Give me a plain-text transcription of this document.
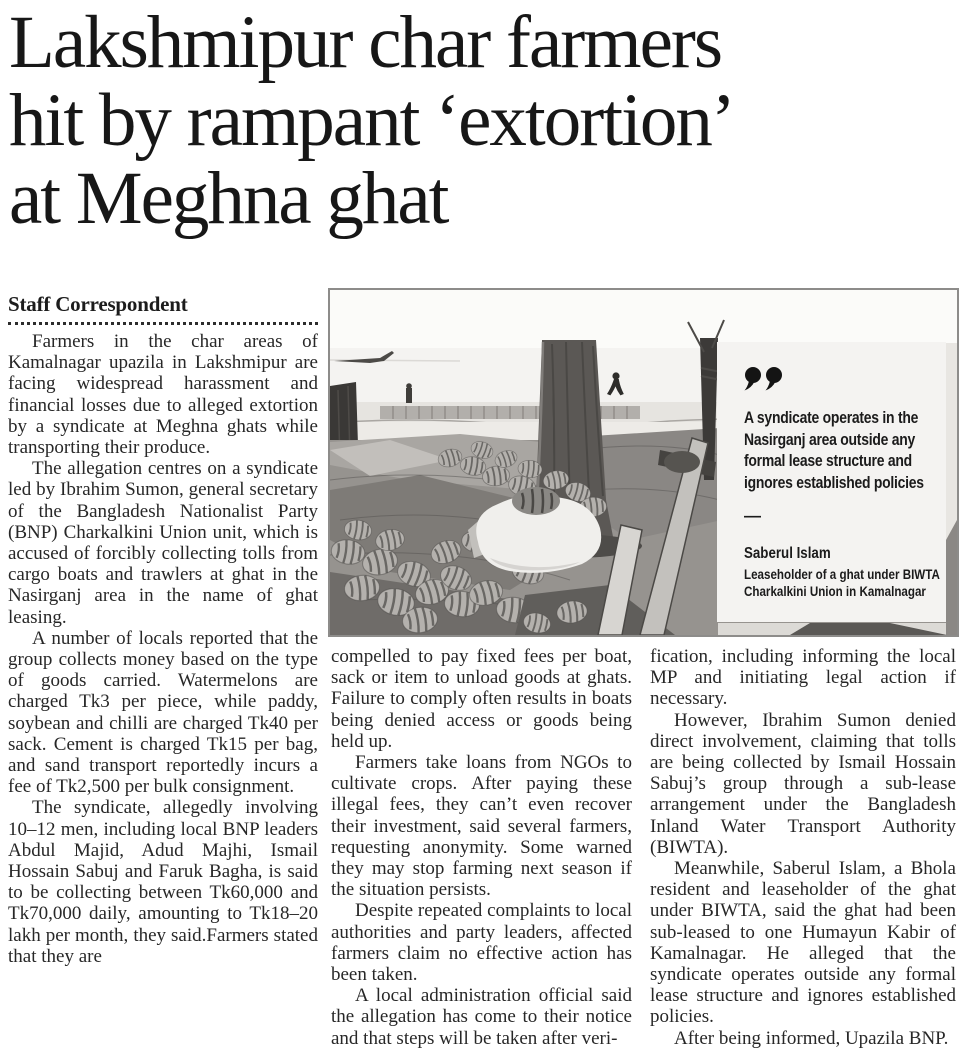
Lakshmipur char farmers
hit by rampant ‘extortion’
at Meghna ghat
Staff Correspondent
A syndicate operates in the
Nasirganj area outside any
formal lease structure and
ignores established policies
—
Saberul Islam
Leaseholder of a ghat under BIWTA
Charkalkini Union in Kamalnagar

Farmers in the char areas of Kamalnagar upazila in Lakshmipur are facing widespread harassment and financial losses due to alleged extortion by a syndicate at Meghna ghats while transporting their produce.

The allegation centres on a syndicate led by Ibrahim Sumon, general secretary of the Bangladesh Nationalist Party (BNP) Charkalkini Union unit, which is accused of forcibly collecting tolls from cargo boats and trawlers at ghat in the Nasirganj area in the name of ghat leasing.

A number of locals reported that the group collects money based on the type of goods carried. Watermelons are charged Tk3 per piece, while paddy, soybean and chilli are charged Tk40 per sack. Cement is charged Tk15 per bag, and sand transport reportedly incurs a fee of Tk2,500 per bulk consignment.

The syndicate, allegedly involving 10–12 men, including local BNP leaders Abdul Majid, Adud Majhi, Ismail Hossain Sabuj and Faruk Bagha, is said to be collecting between Tk60,000 and Tk70,000 daily, amounting to Tk18–20 lakh per month, they said.Farmers stated that they are

compelled to pay fixed fees per boat, sack or item to unload goods at ghats. Failure to comply often results in boats being denied access or goods being held up.

Farmers take loans from NGOs to cultivate crops. After paying these illegal fees, they can’t even recover their investment, said several farmers, requesting anonymity. Some warned they may stop farming next season if the situation persists.

Despite repeated complaints to local authorities and party leaders, affected farmers claim no effective action has been taken.

A local administration official said the allegation has come to their notice and that steps will be taken after veri-

fication, including informing the local MP and initiating legal action if necessary.

However, Ibrahim Sumon denied direct involvement, claiming that tolls are being collected by Ismail Hossain Sabuj’s group through a sub-lease arrangement under the Bangladesh Inland Water Transport Authority (BIWTA).

Meanwhile, Saberul Islam, a Bhola resident and leaseholder of the ghat under BIWTA, said the ghat had been sub-leased to one Humayun Kabir of Kamalnagar. He alleged that the syndicate operates outside any formal lease structure and ignores established policies.

After being informed, Upazila BNP.
